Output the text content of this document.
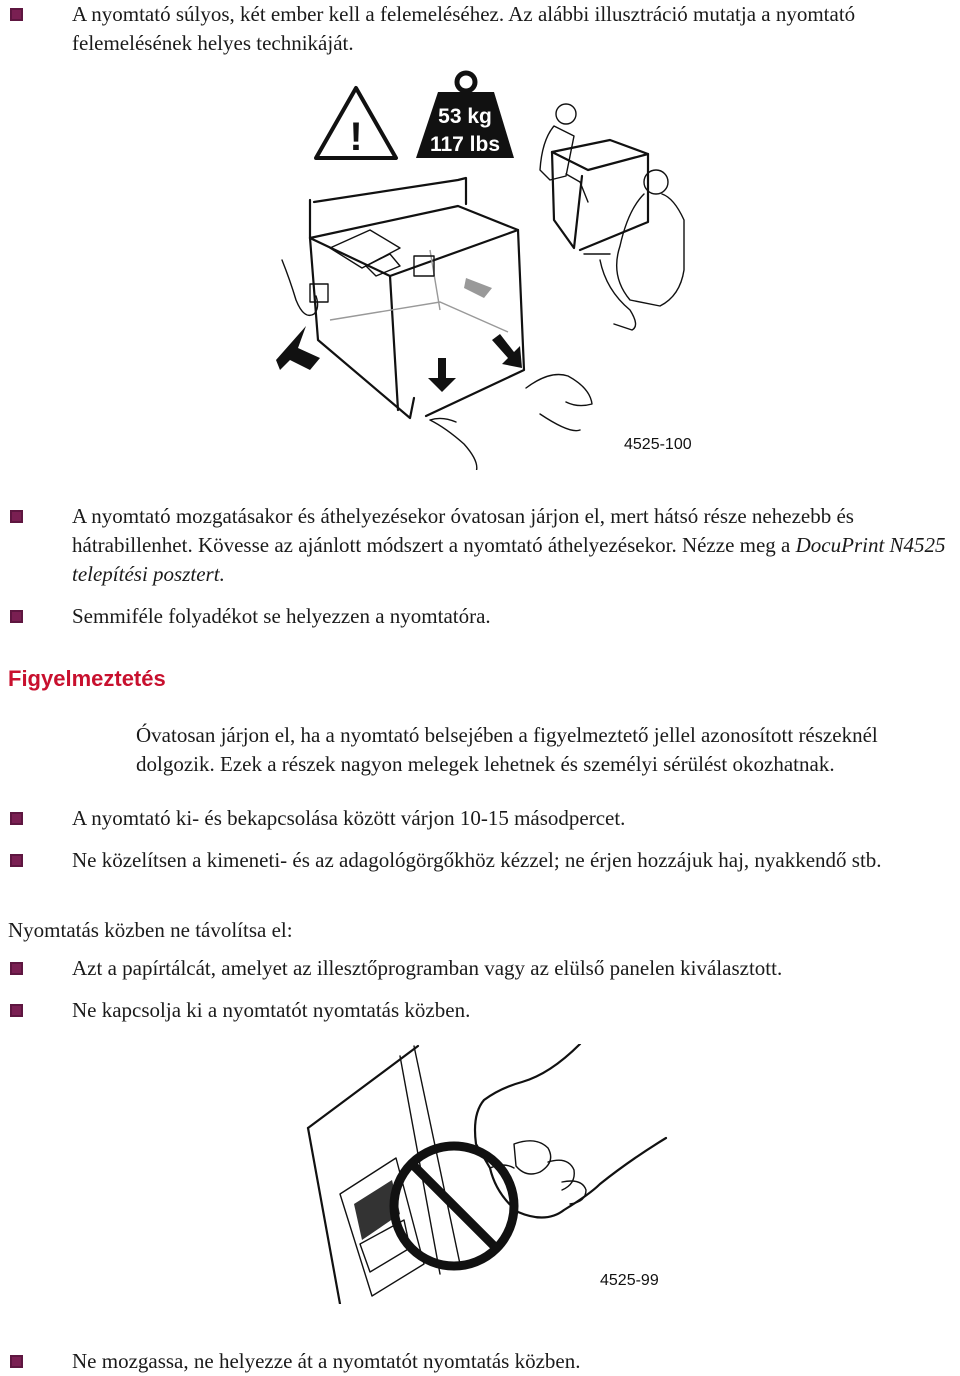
A nyomtató súlyos, két ember kell a felemeléséhez. Az alábbi illusztráció mutatja a nyomtató felemelésének helyes technikáját.
!	53 kg
117 lbs
4525-100
A nyomtató mozgatásakor és áthelyezésekor óvatosan járjon el, mert hátsó része nehezebb és hátrabillenhet. Kövesse az ajánlott módszert a nyomtató áthelyezésekor. Nézze meg a DocuPrint N4525 telepítési posztert.
Semmiféle folyadékot se helyezzen a nyomtatóra.
Figyelmeztetés
Óvatosan járjon el, ha a nyomtató belsejében a figyelmeztető jellel azonosított részeknél dolgozik. Ezek a részek nagyon melegek lehetnek és személyi sérülést okozhatnak.
A nyomtató ki- és bekapcsolása között várjon 10-15 másodpercet.
Ne közelítsen a kimeneti- és az adagológörgőkhöz kézzel; ne érjen hozzájuk haj, nyakkendő stb.
Nyomtatás közben ne távolítsa el:
Azt a papírtálcát, amelyet az illesztőprogramban vagy az elülső panelen kiválasztott.
Ne kapcsolja ki a nyomtatót nyomtatás közben.
4525-99
Ne mozgassa, ne helyezze át a nyomtatót nyomtatás közben.
